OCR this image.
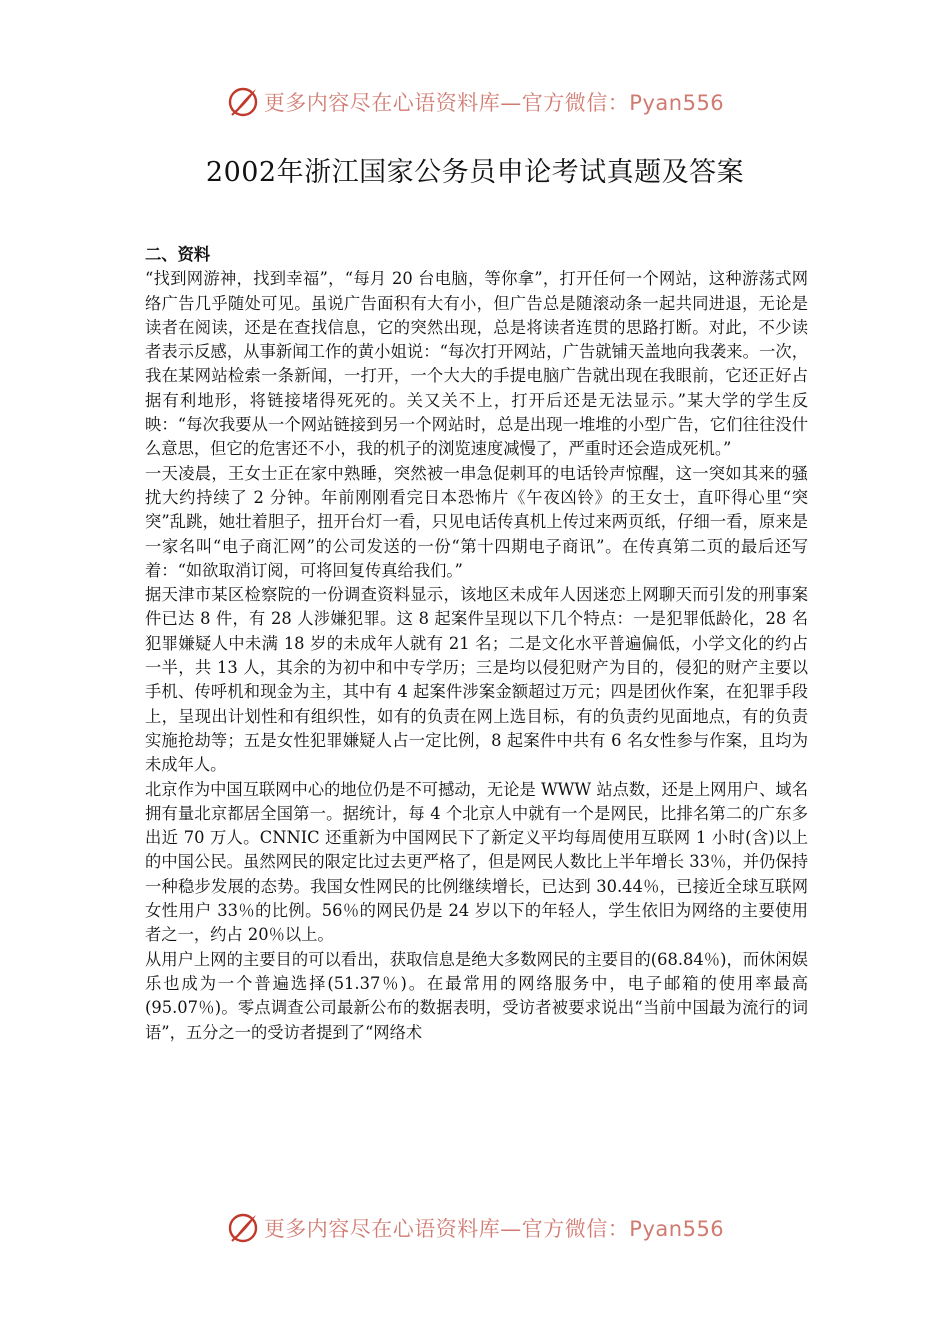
更多内容尽在心语资料库—官方微信：Pyan556
2002年浙江国家公务员申论考试真题及答案

二、资料

“找到网游神，找到幸福”，“每月 20 台电脑，等你拿”，打开任何一个网站，这种游荡式网络广告几乎随处可见。虽说广告面积有大有小，但广告总是随滚动条一起共同进退，无论是读者在阅读，还是在查找信息，它的突然出现，总是将读者连贯的思路打断。对此，不少读者表示反感，从事新闻工作的黄小姐说：“每次打开网站，广告就铺天盖地向我袭来。一次，我在某网站检索一条新闻，一打开，一个大大的手提电脑广告就出现在我眼前，它还正好占据有利地形，将链接堵得死死的。关又关不上，打开后还是无法显示。”某大学的学生反映：“每次我要从一个网站链接到另一个网站时，总是出现一堆堆的小型广告，它们往往没什么意思，但它的危害还不小，我的机子的浏览速度减慢了，严重时还会造成死机。”

一天凌晨，王女士正在家中熟睡，突然被一串急促刺耳的电话铃声惊醒，这一突如其来的骚扰大约持续了 2 分钟。年前刚刚看完日本恐怖片《午夜凶铃》的王女士，直吓得心里“突突”乱跳，她壮着胆子，扭开台灯一看，只见电话传真机上传过来两页纸，仔细一看，原来是一家名叫“电子商汇网”的公司发送的一份“第十四期电子商讯”。在传真第二页的最后还写着：“如欲取消订阅，可将回复传真给我们。”

据天津市某区检察院的一份调查资料显示，该地区未成年人因迷恋上网聊天而引发的刑事案件已达 8 件，有 28 人涉嫌犯罪。这 8 起案件呈现以下几个特点：一是犯罪低龄化，28 名犯罪嫌疑人中未满 18 岁的未成年人就有 21 名；二是文化水平普遍偏低，小学文化的约占一半，共 13 人，其余的为初中和中专学历；三是均以侵犯财产为目的，侵犯的财产主要以手机、传呼机和现金为主，其中有 4 起案件涉案金额超过万元；四是团伙作案，在犯罪手段上，呈现出计划性和有组织性，如有的负责在网上选目标，有的负责约见面地点，有的负责实施抢劫等；五是女性犯罪嫌疑人占一定比例，8 起案件中共有 6 名女性参与作案，且均为未成年人。

北京作为中国互联网中心的地位仍是不可撼动，无论是 WWW 站点数，还是上网用户、域名拥有量北京都居全国第一。据统计，每 4 个北京人中就有一个是网民，比排名第二的广东多出近 70 万人。CNNIC 还重新为中国网民下了新定义平均每周使用互联网 1 小时(含)以上的中国公民。虽然网民的限定比过去更严格了，但是网民人数比上半年增长 33％，并仍保持一种稳步发展的态势。我国女性网民的比例继续增长，已达到 30.44％，已接近全球互联网女性用户 33％的比例。56％的网民仍是 24 岁以下的年轻人，学生依旧为网络的主要使用者之一，约占 20％以上。

从用户上网的主要目的可以看出，获取信息是绝大多数网民的主要目的(68.84％)，而休闲娱乐也成为一个普遍选择(51.37％)。在最常用的网络服务中，电子邮箱的使用率最高(95.07％)。零点调查公司最新公布的数据表明，受访者被要求说出“当前中国最为流行的词语”，五分之一的受访者提到了“网络术

更多内容尽在心语资料库—官方微信：Pyan556
